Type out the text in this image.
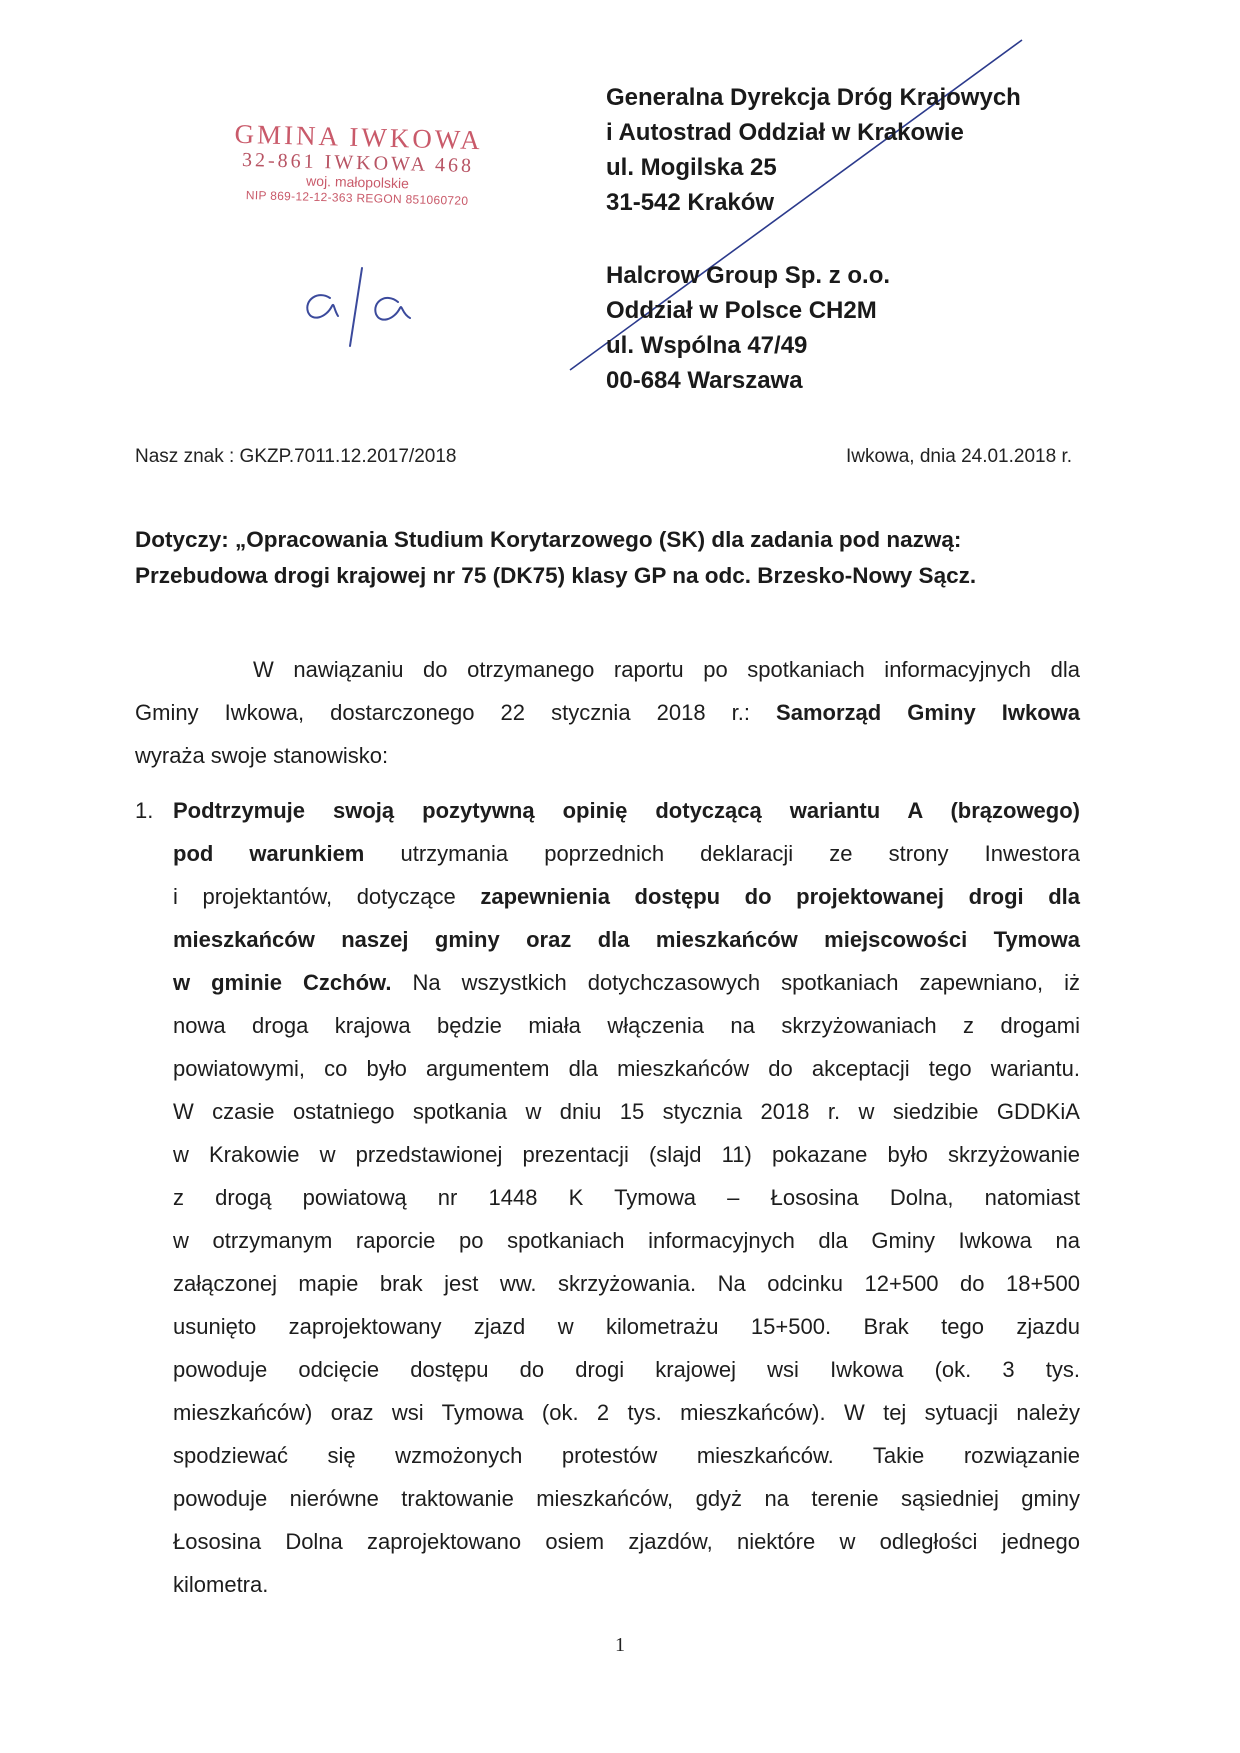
GMINA IWKOWA
32-861 IWKOWA 468
woj. małopolskie
NIP 869-12-12-363 REGON 851060720
Generalna Dyrekcja Dróg Krajowych
i Autostrad Oddział w Krakowie
ul. Mogilska 25
31-542 Kraków
Halcrow Group Sp. z o.o.
Oddział w Polsce CH2M
ul. Wspólna 47/49
00-684 Warszawa
Nasz znak : GKZP.7011.12.2017/2018	Iwkowa, dnia 24.01.2018 r.
Dotyczy: „Opracowania Studium Korytarzowego (SK) dla zadania pod nazwą:
Przebudowa drogi krajowej nr 75 (DK75) klasy GP na odc. Brzesko-Nowy Sącz.
W nawiązaniu do otrzymanego raportu po spotkaniach informacyjnych dla
Gminy Iwkowa, dostarczonego 22 stycznia 2018 r.: Samorząd Gminy Iwkowa
wyraża swoje stanowisko:
1. Podtrzymuje swoją pozytywną opinię dotyczącą wariantu A (brązowego)
pod warunkiem utrzymania poprzednich deklaracji ze strony Inwestora
i projektantów, dotyczące zapewnienia dostępu do projektowanej drogi dla
mieszkańców naszej gminy oraz dla mieszkańców miejscowości Tymowa
w gminie Czchów. Na wszystkich dotychczasowych spotkaniach zapewniano, iż
nowa droga krajowa będzie miała włączenia na skrzyżowaniach z drogami
powiatowymi, co było argumentem dla mieszkańców do akceptacji tego wariantu.
W czasie ostatniego spotkania w dniu 15 stycznia 2018 r. w siedzibie GDDKiA
w Krakowie w przedstawionej prezentacji (slajd 11) pokazane było skrzyżowanie
z drogą powiatową nr 1448 K Tymowa – Łososina Dolna, natomiast
w otrzymanym raporcie po spotkaniach informacyjnych dla Gminy Iwkowa na
załączonej mapie brak jest ww. skrzyżowania. Na odcinku 12+500 do 18+500
usunięto zaprojektowany zjazd w kilometrażu 15+500. Brak tego zjazdu
powoduje odcięcie dostępu do drogi krajowej wsi Iwkowa (ok. 3 tys.
mieszkańców) oraz wsi Tymowa (ok. 2 tys. mieszkańców). W tej sytuacji należy
spodziewać się wzmożonych protestów mieszkańców. Takie rozwiązanie
powoduje nierówne traktowanie mieszkańców, gdyż na terenie sąsiedniej gminy
Łososina Dolna zaprojektowano osiem zjazdów, niektóre w odległości jednego
kilometra.
1
